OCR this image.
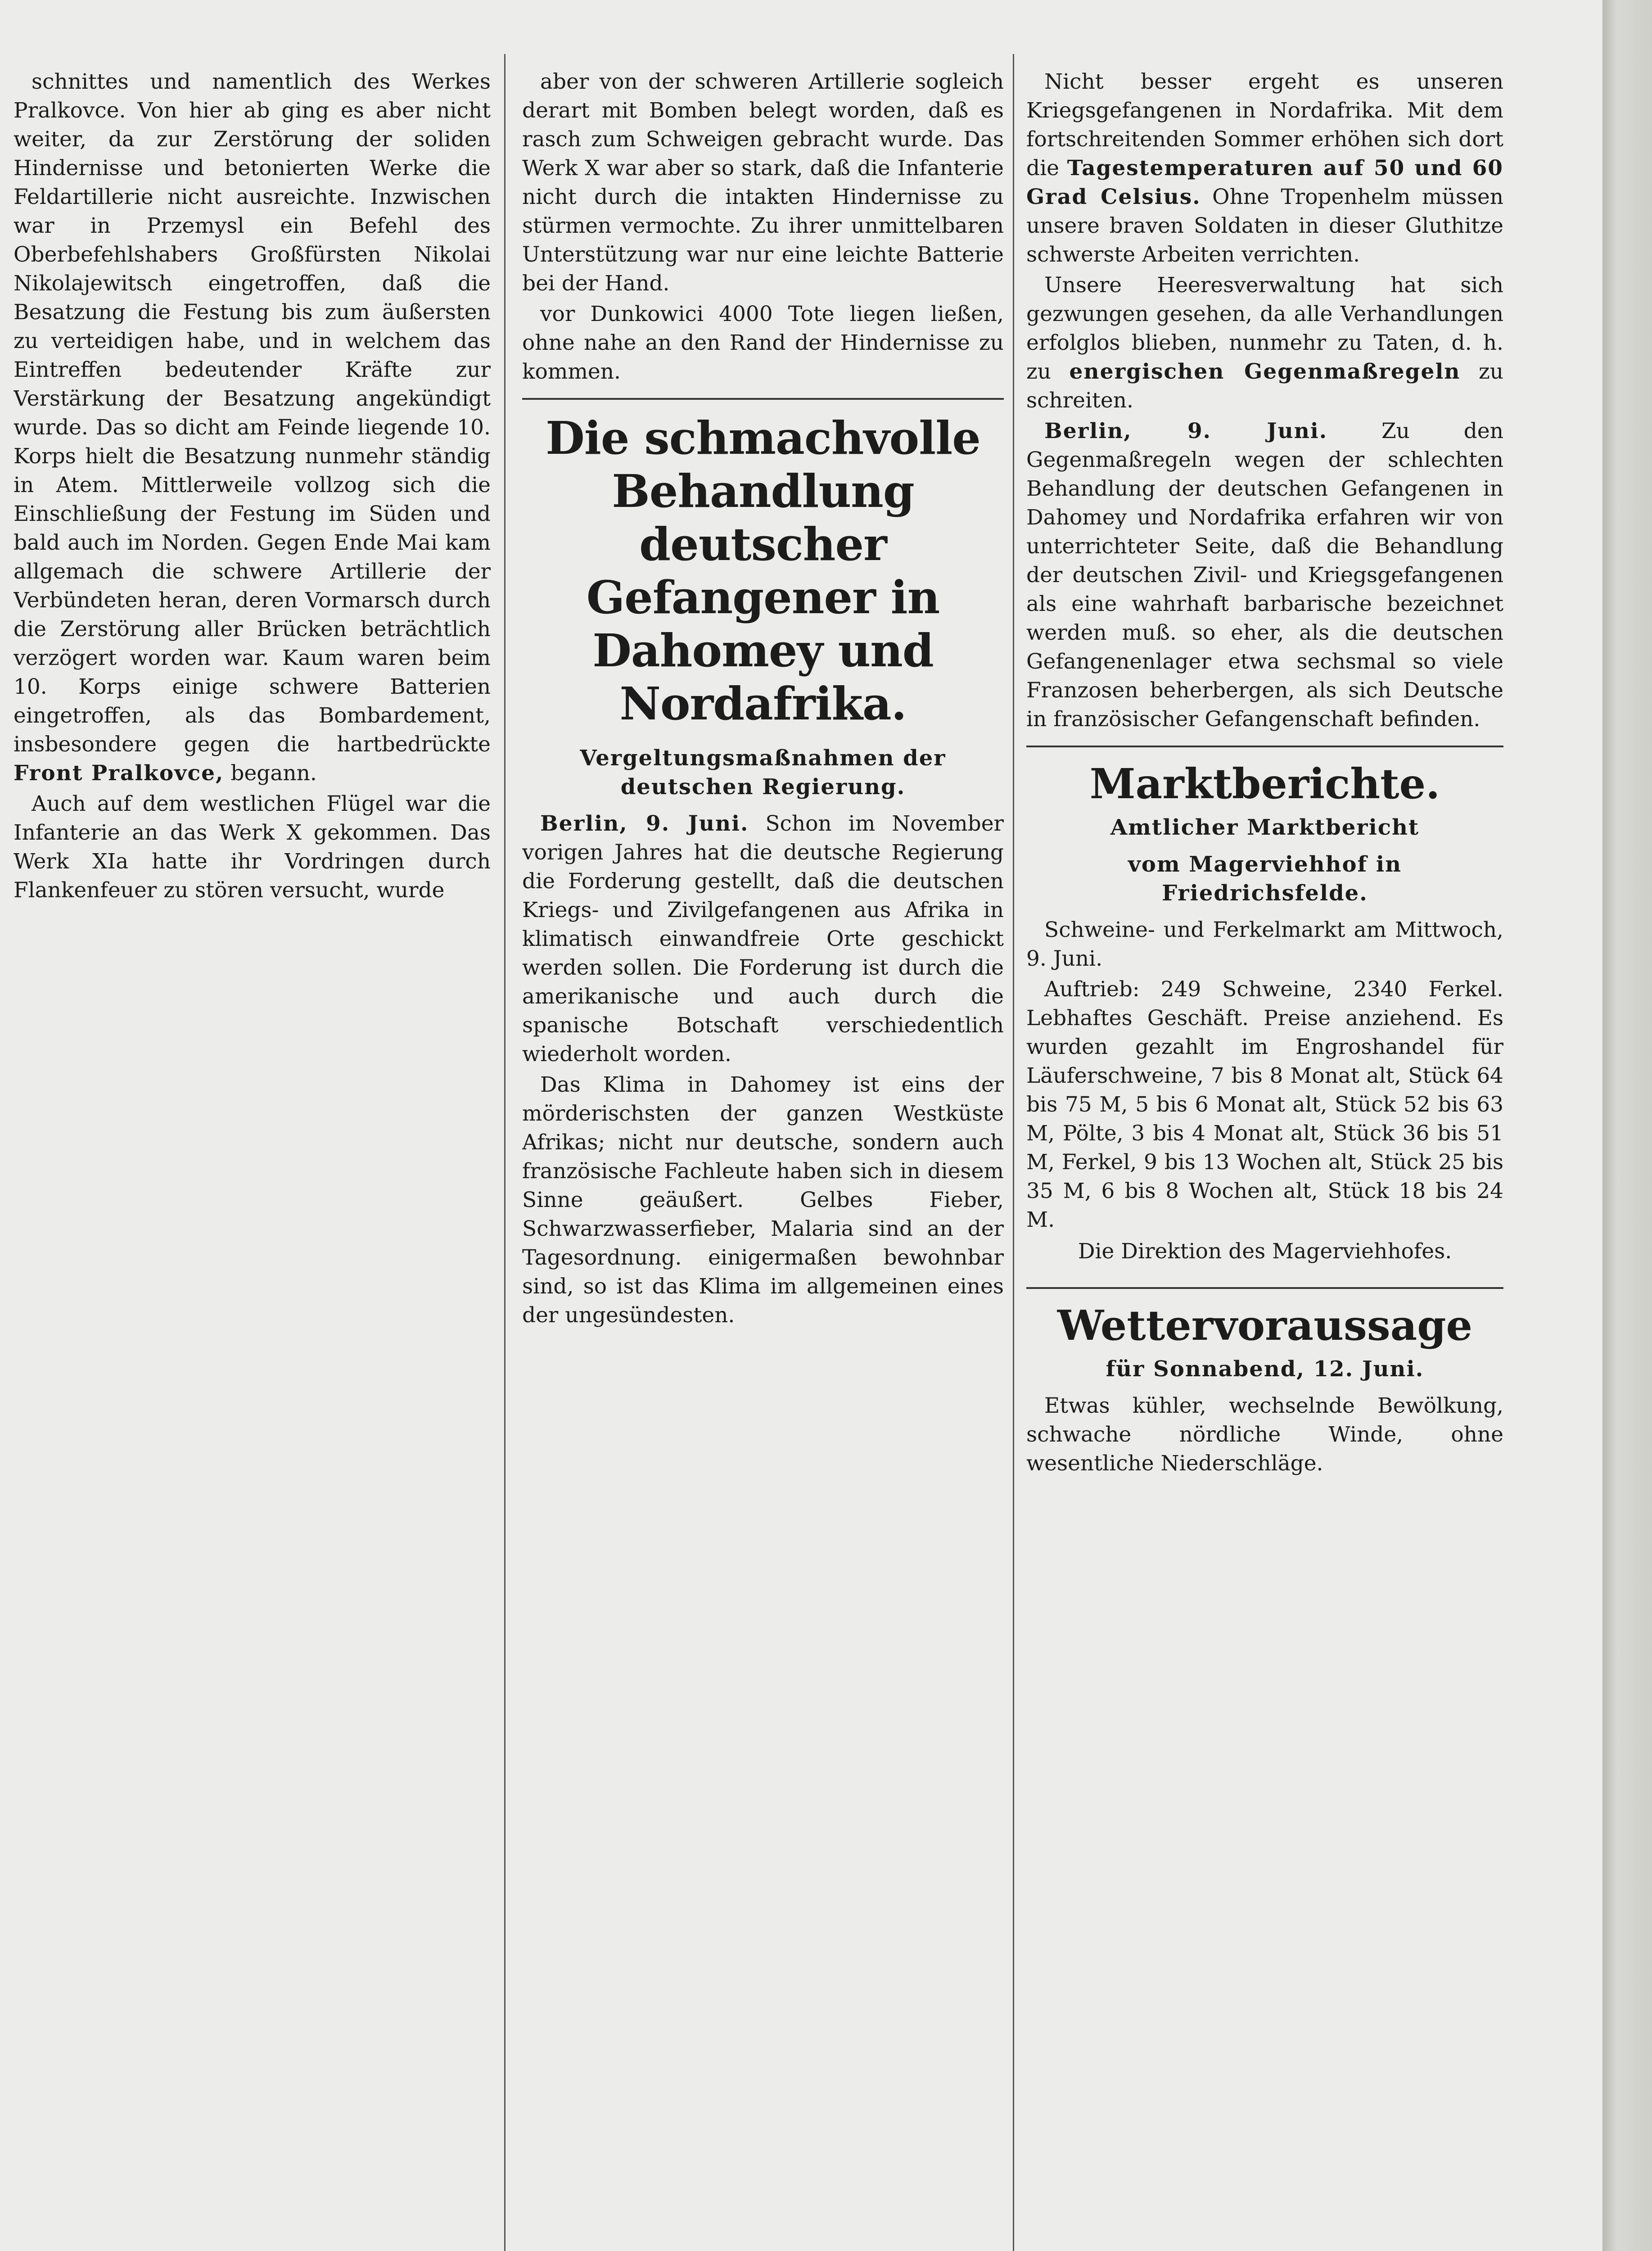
schnittes und namentlich des Werkes Pralkovce. Von hier ab ging es aber nicht weiter, da zur Zerstörung der soliden Hindernisse und betonierten Werke die Feldartillerie nicht ausreichte. Inzwischen war in Przemysl ein Befehl des Oberbefehlshabers Großfürsten Nikolai Nikolajewitsch eingetroffen, daß die Besatzung die Festung bis zum äußersten zu verteidigen habe, und in welchem das Eintreffen bedeutender Kräfte zur Verstärkung der Besatzung angekündigt wurde. Das so dicht am Feinde liegende 10. Korps hielt die Besatzung nunmehr ständig in Atem. Mittlerweile vollzog sich die Einschließung der Festung im Süden und bald auch im Norden. Gegen Ende Mai kam allgemach die schwere Artillerie der Verbündeten heran, deren Vormarsch durch die Zerstörung aller Brücken beträchtlich verzögert worden war. Kaum waren beim 10. Korps einige schwere Batterien eingetroffen, als das Bombardement, insbesondere gegen die hartbedrückte Front Pralkovce, begann.

Auch auf dem westlichen Flügel war die Infanterie an das Werk X gekommen. Das Werk XIa hatte ihr Vordringen durch Flankenfeuer zu stören versucht, wurde

aber von der schweren Artillerie sogleich derart mit Bomben belegt worden, daß es rasch zum Schweigen gebracht wurde. Das Werk X war aber so stark, daß die Infanterie nicht durch die intakten Hindernisse zu stürmen vermochte. Zu ihrer unmittelbaren Unterstützung war nur eine leichte Batterie bei der Hand.

vor Dunkowici 4000 Tote liegen ließen, ohne nahe an den Rand der Hindernisse zu kommen.

Die schmachvolle Behandlung deutscher Gefangener in Dahomey und Nordafrika.
Vergeltungsmaßnahmen der deutschen Regierung.

Berlin, 9. Juni. Schon im November vorigen Jahres hat die deutsche Regierung die Forderung gestellt, daß die deutschen Kriegs- und Zivilgefangenen aus Afrika in klimatisch einwandfreie Orte geschickt werden sollen. Die Forderung ist durch die amerikanische und auch durch die spanische Botschaft verschiedentlich wiederholt worden.

Das Klima in Dahomey ist eins der mörderischsten der ganzen Westküste Afrikas; nicht nur deutsche, sondern auch französische Fachleute haben sich in diesem Sinne geäußert. Gelbes Fieber, Schwarzwasserfieber, Malaria sind an der Tagesordnung. einigermaßen bewohnbar sind, so ist das Klima im allgemeinen eines der ungesündesten.

Nicht besser ergeht es unseren Kriegsgefangenen in Nordafrika. Mit dem fortschreitenden Sommer erhöhen sich dort die Tagestemperaturen auf 50 und 60 Grad Celsius. Ohne Tropenhelm müssen unsere braven Soldaten in dieser Gluthitze schwerste Arbeiten verrichten.

Unsere Heeresverwaltung hat sich gezwungen gesehen, da alle Verhandlungen erfolglos blieben, nunmehr zu Taten, d. h. zu energischen Gegenmaßregeln zu schreiten.

Berlin, 9. Juni.	Zu den Gegenmaßregeln wegen der schlechten Behandlung der deutschen Gefangenen in Dahomey und Nordafrika erfahren wir von unterrichteter Seite, daß die Behandlung der deutschen Zivil- und Kriegsgefangenen als eine wahrhaft barbarische bezeichnet werden muß. so eher, als die deutschen Gefangenenlager etwa sechsmal so viele Franzosen beherbergen, als sich Deutsche in französischer Gefangenschaft befinden.

Marktberichte.
Amtlicher Marktbericht
vom Magerviehhof in Friedrichsfelde.

Schweine- und Ferkelmarkt am Mittwoch, 9. Juni.

Auftrieb: 249 Schweine, 2340 Ferkel. Lebhaftes Geschäft. Preise anziehend. Es wurden gezahlt im Engroshandel für Läuferschweine, 7 bis 8 Monat alt, Stück 64 bis 75 M, 5 bis 6 Monat alt, Stück 52 bis 63 M, Pölte, 3 bis 4 Monat alt, Stück 36 bis 51 M, Ferkel, 9 bis 13 Wochen alt, Stück 25 bis 35 M, 6 bis 8 Wochen alt, Stück 18 bis 24 M.

Die Direktion des Magerviehhofes.

Wettervoraussage
für Sonnabend, 12. Juni.

Etwas kühler, wechselnde Bewölkung, schwache nördliche Winde, ohne wesentliche Niederschläge.
